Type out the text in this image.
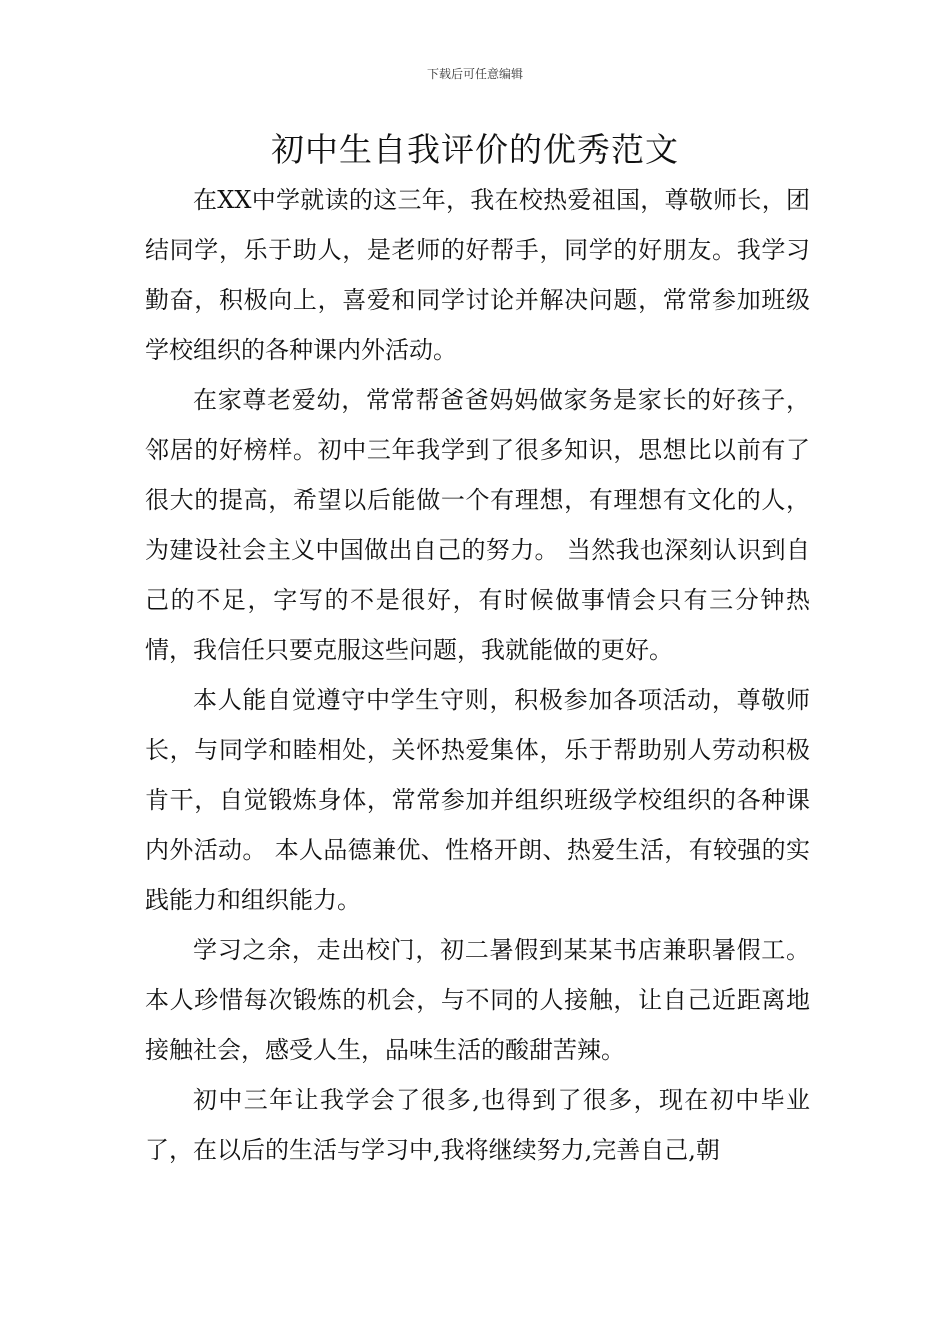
下载后可任意编辑
初中生自我评价的优秀范文

在XX中学就读的这三年，我在校热爱祖国，尊敬师长，团结同学，乐于助人，是老师的好帮手，同学的好朋友。我学习勤奋，积极向上，喜爱和同学讨论并解决问题，常常参加班级学校组织的各种课内外活动。

在家尊老爱幼，常常帮爸爸妈妈做家务是家长的好孩子，邻居的好榜样。初中三年我学到了很多知识，思想比以前有了很大的提高，希望以后能做一个有理想，有理想有文化的人，为建设社会主义中国做出自己的努力。 当然我也深刻认识到自己的不足，字写的不是很好，有时候做事情会只有三分钟热情，我信任只要克服这些问题，我就能做的更好。

本人能自觉遵守中学生守则，积极参加各项活动，尊敬师长，与同学和睦相处，关怀热爱集体，乐于帮助别人劳动积极肯干，自觉锻炼身体，常常参加并组织班级学校组织的各种课内外活动。 本人品德兼优、性格开朗、热爱生活，有较强的实践能力和组织能力。

学习之余，走出校门，初二暑假到某某书店兼职暑假工。本人珍惜每次锻炼的机会，与不同的人接触，让自己近距离地接触社会，感受人生，品味生活的酸甜苦辣。

初中三年让我学会了很多,也得到了很多，现在初中毕业了，在以后的生活与学习中,我将继续努力,完善自己,朝
